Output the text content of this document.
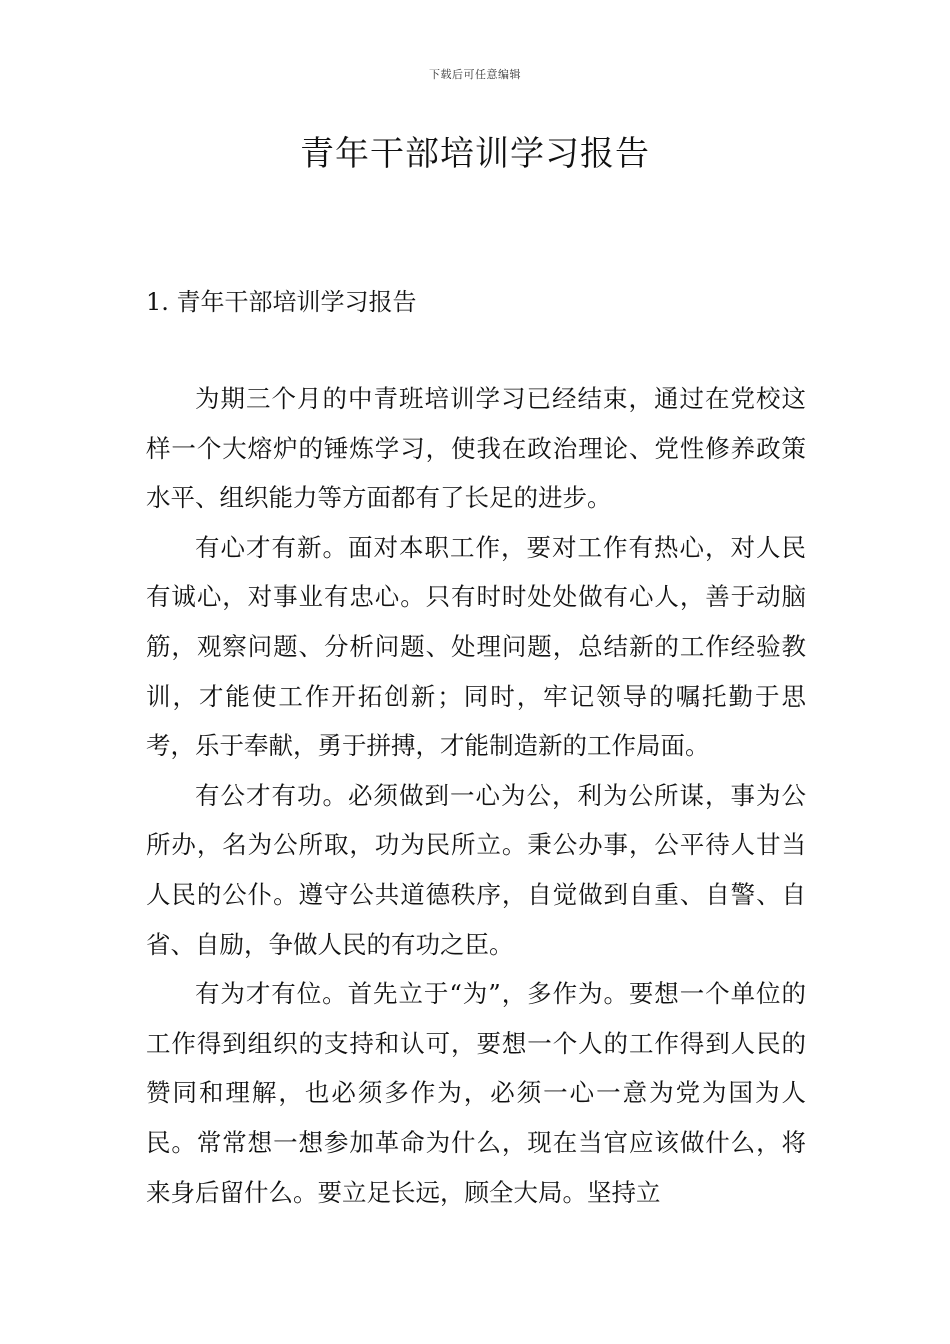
下载后可任意编辑
青年干部培训学习报告
1. 青年干部培训学习报告

为期三个月的中青班培训学习已经结束，通过在党校这样一个大熔炉的锤炼学习，使我在政治理论、党性修养政策水平、组织能力等方面都有了长足的进步。

有心才有新。面对本职工作，要对工作有热心，对人民有诚心，对事业有忠心。只有时时处处做有心人，善于动脑筋，观察问题、分析问题、处理问题，总结新的工作经验教训，才能使工作开拓创新；同时，牢记领导的嘱托勤于思考，乐于奉献，勇于拼搏，才能制造新的工作局面。

有公才有功。必须做到一心为公，利为公所谋，事为公所办，名为公所取，功为民所立。秉公办事，公平待人甘当人民的公仆。遵守公共道德秩序，自觉做到自重、自警、自省、自励，争做人民的有功之臣。

有为才有位。首先立于“为”，多作为。要想一个单位的工作得到组织的支持和认可，要想一个人的工作得到人民的赞同和理解，也必须多作为，必须一心一意为党为国为人民。常常想一想参加革命为什么，现在当官应该做什么，将来身后留什么。要立足长远，顾全大局。坚持立
